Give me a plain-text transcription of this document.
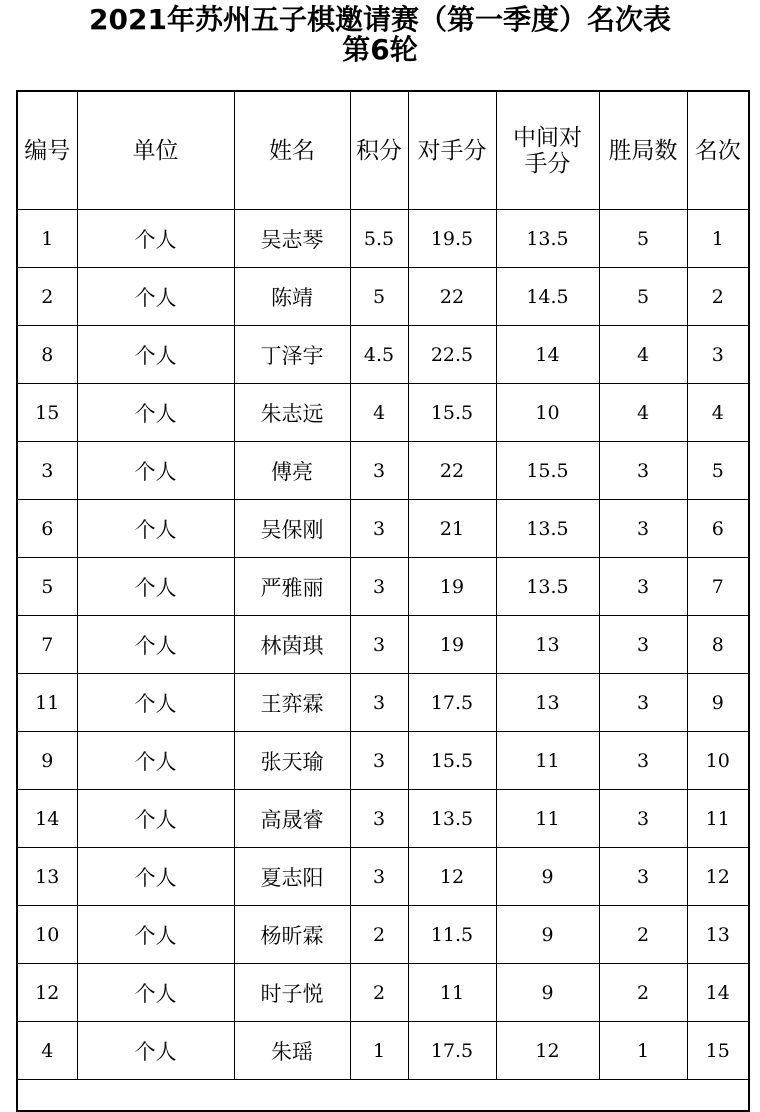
2021年苏州五子棋邀请赛（第一季度）名次表
第6轮
编号	单位	姓名	积分	对手分	中间对手分	胜局数	名次
1	个人	吴志琴	5.5	19.5	13.5	5	1
2	个人	陈靖	5	22	14.5	5	2
8	个人	丁泽宇	4.5	22.5	14	4	3
15	个人	朱志远	4	15.5	10	4	4
3	个人	傅亮	3	22	15.5	3	5
6	个人	吴保刚	3	21	13.5	3	6
5	个人	严雅丽	3	19	13.5	3	7
7	个人	林茵琪	3	19	13	3	8
11	个人	王弈霖	3	17.5	13	3	9
9	个人	张天瑜	3	15.5	11	3	10
14	个人	高晟睿	3	13.5	11	3	11
13	个人	夏志阳	3	12	9	3	12
10	个人	杨昕霖	2	11.5	9	2	13
12	个人	时子悦	2	11	9	2	14
4	个人	朱瑶	1	17.5	12	1	15
